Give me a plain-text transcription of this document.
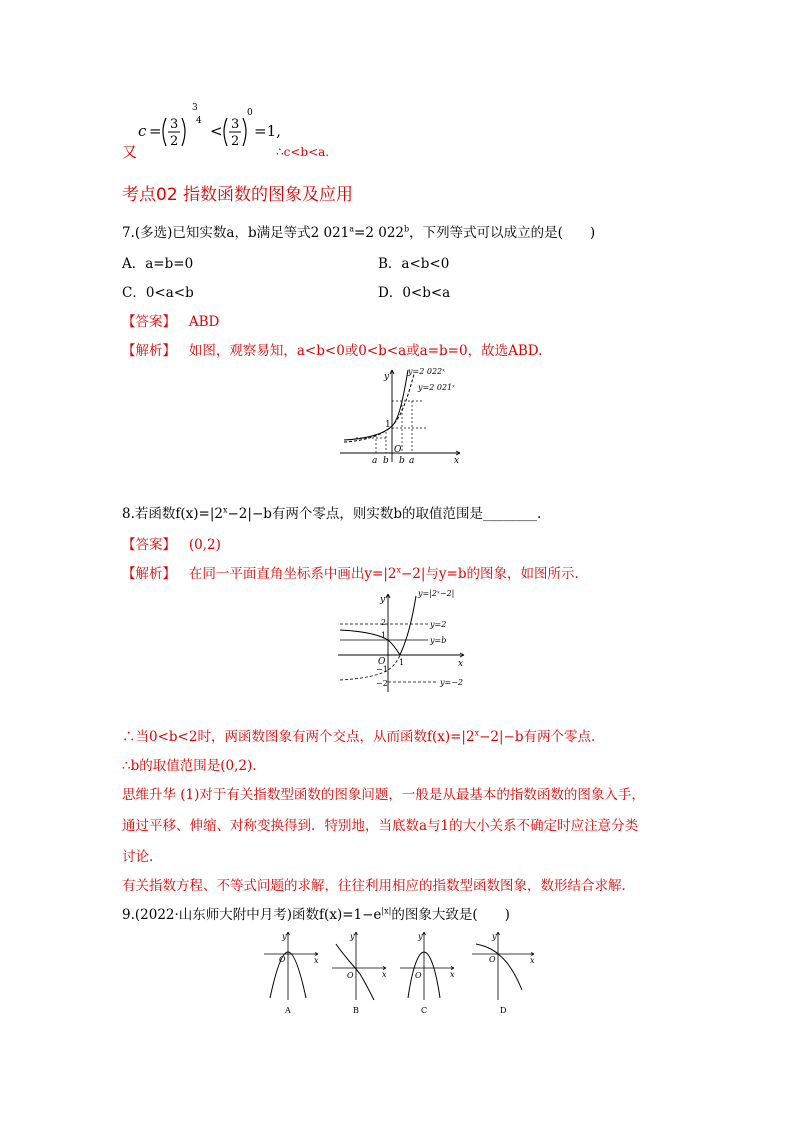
c = 3
2
3
4
< 3
2
0
=1,
又	∴c<b<a.
考点02 指数函数的图象及应用
7.(多选)已知实数a，b满足等式2 $021^a=2$ 022$^b$，下列等式可以成立的是(　　)
A．a=b=0	B．a<b<0
C．0<a<b	D．0<b<a
【答案】 ABD
【解析】 如图，观察易知，a<b<0或0<b<a或a=b=0，故选ABD.
y
x
O
1
y=2 022ˣ
y=2 021ˣ
a b b a
8.若函数$f(x)=|2^x-2|-b$有两个零点，则实数b的取值范围是________.
【答案】 (0,2)
【解析】 在同一平面直角坐标系中画出$y=|2^x-2|$与y=b的图象，如图所示.
y
x
O
2
1
−1
−2
1
y=|2ˣ−2|
y=2
y=b
y=−2
∴当0<b<2时，两函数图象有两个交点，从而函数$f(x)=|2^x-2|-b$有两个零点.
∴b的取值范围是(0,2).
思维升华 (1)对于有关指数型函数的图象问题，一般是从最基本的指数函数的图象入手，
通过平移、伸缩、对称变换得到．特别地，当底数a与1的大小关系不确定时应注意分类
讨论.
有关指数方程、不等式问题的求解，往往利用相应的指数型函数图象，数形结合求解.
9.(2022·山东师大附中月考)函数$f(x)=1-e^{|x|}$的图象大致是(　　)
y
x
O
A
y
x
O
B
y
x
O
C
y
x
O
D
